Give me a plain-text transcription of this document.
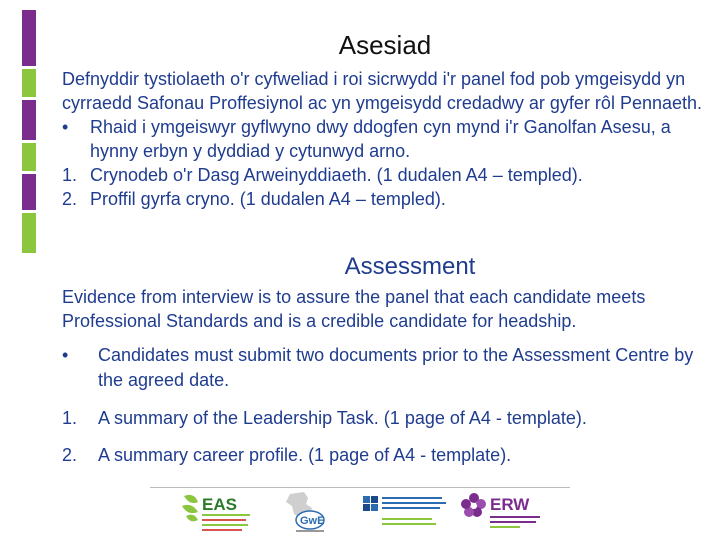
Asesiad

Defnyddir tystiolaeth o'r cyfweliad i roi sicrwydd i'r panel fod pob ymgeisydd yn cyrraedd Safonau Proffesiynol ac yn ymgeisydd credadwy ar gyfer rôl Pennaeth.

•	Rhaid i ymgeiswyr gyflwyno dwy ddogfen cyn mynd i'r Ganolfan Asesu, a hynny erbyn y dyddiad y cytunwyd arno.
1. Crynodeb o'r Dasg Arweinyddiaeth. (1 dudalen A4 – templed).
2. Proffil gyrfa cryno. (1 dudalen A4 – templed).
Assessment
Evidence from interview is to assure the panel that each candidate meets Professional Standards and is a credible candidate for headship.
•	Candidates must submit two documents prior to the Assessment Centre by the agreed date.
1.	A summary of the Leadership Task. (1 page of A4 - template).
2.	A summary career profile. (1 page of A4 - template).
EAS
GwE
ERW
